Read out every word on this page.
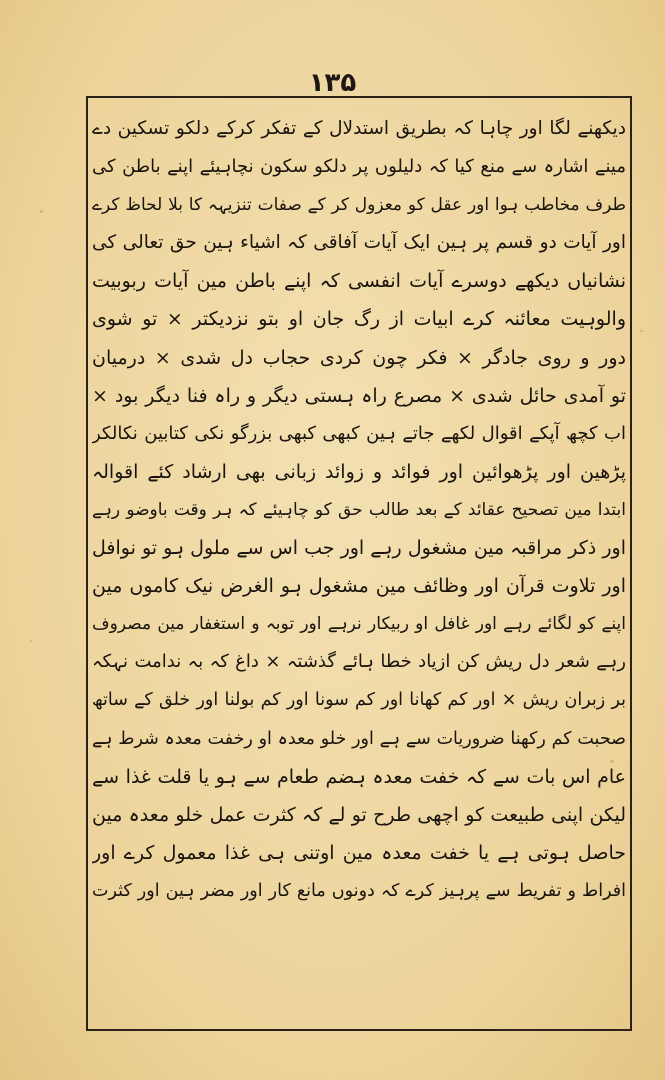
۱۳۵
دیکھنے لگا اور چاہا کہ بطریق استدلال کے تفکر کرکے دلکو تسکین دے
مینے اشارہ سے منع کیا کہ دلیلوں پر دلکو سکون نچاہیئے اپنے باطن کی
طرف مخاطب ہوا اور عقل کو معزول کر کے صفات تنزیہہ کا بلا لحاظ کرے
اور آیات دو قسم پر ہین ایک آیات آفاقی کہ اشیاء ہین حق تعالی کی
نشانیاں دیکھے دوسرے آیات انفسی کہ اپنے باطن مین آیات ربوبیت
والوہیت معائنہ کرے ابیات از رگ جان او بتو نزدیکتر × تو شوی
دور و روی جادگر × فکر چون کردی حجاب دل شدی × درمیان
تو آمدی حائل شدی × مصرع راہ ہستی دیگر و راہ فنا دیگر بود ×
اب کچھ آپکے اقوال لکھے جاتے ہین کبھی کبھی بزرگو نکی کتابین نکالکر
پڑھین اور پڑھوائین اور فوائد و زوائد زبانی بھی ارشاد کئے اقوالہ
ابتدا مین تصحیح عقائد کے بعد طالب حق کو چاہیئے کہ ہر وقت باوضو رہے
اور ذکر مراقبہ مین مشغول رہے اور جب اس سے ملول ہو تو نوافل
اور تلاوت قرآن اور وظائف مین مشغول ہو الغرض نیک کاموں مین
اپنے کو لگائے رہے اور غافل او ربیکار نرہے اور توبہ و استغفار مین مصروف
رہے شعر دل ریش کن ازیاد خطا ہائے گذشتہ × داغ کہ بہ ندامت نہکہ
بر زبران ریش × اور کم کھانا اور کم سونا اور کم بولنا اور خلق کے ساتھ
صحبت کم رکھنا ضروریات سے ہے اور خلو معدہ او رخفت معدہ شرط ہے
عام اس بات سے کہ خفت معدہ ہضم طعام سے ہو یا قلت غذا سے
لیکن اپنی طبیعت کو اچھی طرح تو لے کہ کثرت عمل خلو معدہ مین
حاصل ہوتی ہے یا خفت معدہ مین اوتنی ہی غذا معمول کرے اور
افراط و تفریط سے پرہیز کرے کہ دونوں مانع کار اور مضر ہین اور کثرت
